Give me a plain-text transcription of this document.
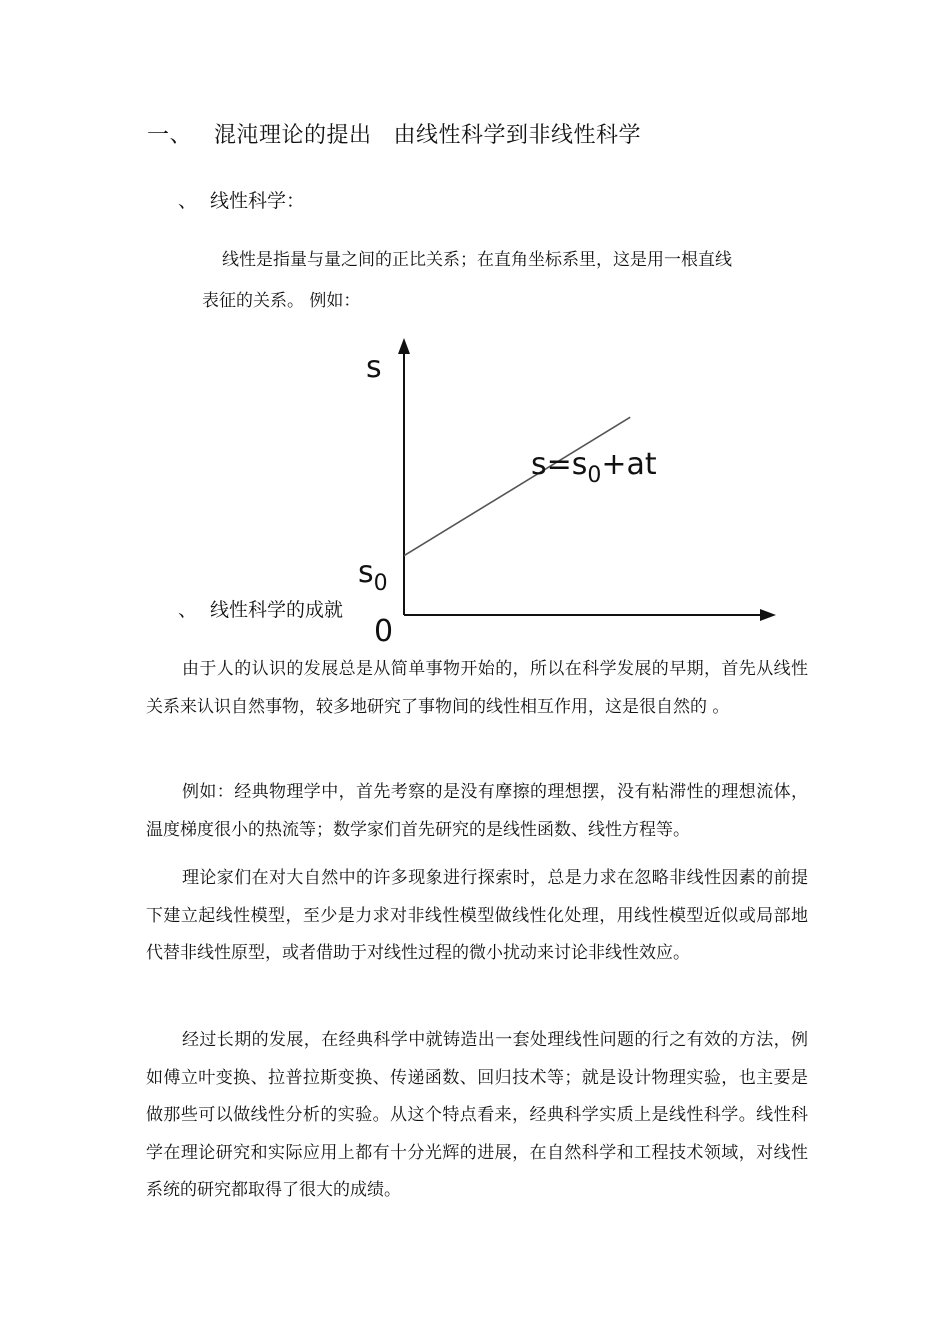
一、 混沌理论的提出 由线性科学到非线性科学
、 线性科学：
线性是指量与量之间的正比关系；在直角坐标系里，这是用一根直线
表征的关系。 例如：
s
0
$s_0$
$s=s_0+at$
、 线性科学的成就

由于人的认识的发展总是从简单事物开始的，所以在科学发展的早期，首先从线性关系来认识自然事物，较多地研究了事物间的线性相互作用，这是很自然的 。

例如：经典物理学中，首先考察的是没有摩擦的理想摆，没有粘滞性的理想流体，温度梯度很小的热流等；数学家们首先研究的是线性函数、线性方程等。

理论家们在对大自然中的许多现象进行探索时，总是力求在忽略非线性因素的前提下建立起线性模型，至少是力求对非线性模型做线性化处理，用线性模型近似或局部地代替非线性原型，或者借助于对线性过程的微小扰动来讨论非线性效应。

经过长期的发展，在经典科学中就铸造出一套处理线性问题的行之有效的方法，例如傅立叶变换、拉普拉斯变换、传递函数、回归技术等；就是设计物理实验，也主要是做那些可以做线性分析的实验。从这个特点看来，经典科学实质上是线性科学。线性科学在理论研究和实际应用上都有十分光辉的进展，在自然科学和工程技术领域，对线性系统的研究都取得了很大的成绩。
